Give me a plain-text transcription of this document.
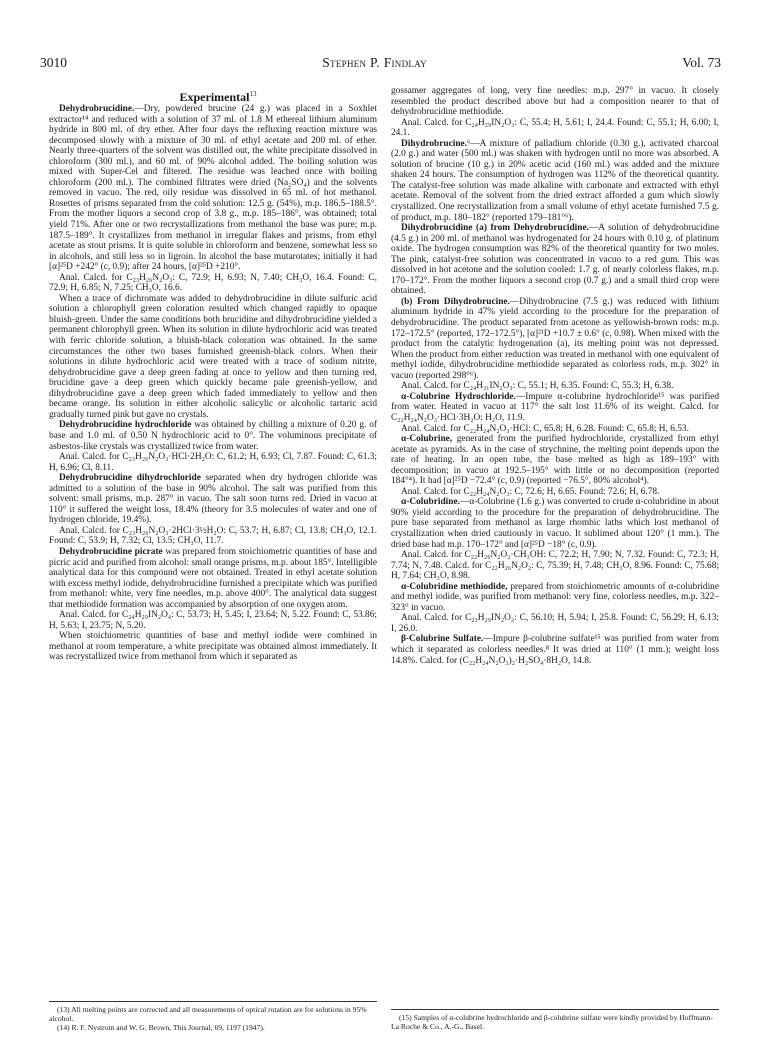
3010	Stephen P. Findlay	Vol. 73

Experimental$^{13}$

Dehydrobrucidine.—Dry, powdered brucine (24 g.) was placed in a Soxhlet extractor¹⁴ and reduced with a solution of 37 ml. of 1.8 M ethereal lithium aluminum hydride in 800 ml. of dry ether. After four days the refluxing reaction mixture was decomposed slowly with a mixture of 30 ml. of ethyl acetate and 200 ml. of ether. Nearly three-quarters of the solvent was distilled out, the white precipitate dissolved in chloroform (300 ml.), and 60 ml. of 90% alcohol added. The boiling solution was mixed with Super-Cel and filtered. The residue was leached once with boiling chloroform (200 ml.). The combined filtrates were dried (Na₂SO₄) and the solvents removed in vacuo. The red, oily residue was dissolved in 65 ml. of hot methanol. Rosettes of prisms separated from the cold solution: 12.5 g. (54%), m.p. 186.5–188.5°. From the mother liquors a second crop of 3.8 g., m.p. 185–186°, was obtained; total yield 71%. After one or two recrystallizations from methanol the base was pure; m.p. 187.5–189°. It crystallizes from methanol in irregular flakes and prisms, from ethyl acetate as stout prisms. It is quite soluble in chloroform and benzene, somewhat less so in alcohols, and still less so in ligroin. In alcohol the base mutarotates; initially it had [α]²⁵D +242° (c, 0.9); after 24 hours, [α]²⁵D +210°.

Anal. Calcd. for C₂₃H₂₆N₂O₃: C, 72.9; H, 6.93; N, 7.40; CH₃O, 16.4. Found: C, 72.9; H, 6.85; N, 7.25; CH₃O, 16.6.

When a trace of dichromate was added to dehydrobrucidine in dilute sulfuric acid solution a chlorophyll green coloration resulted which changed rapidly to opaque bluish-green. Under the same conditions both brucidine and dihydrobrucidine yielded a permanent chlorophyll green. When its solution in dilute hydrochloric acid was treated with ferric chloride solution, a bluish-black coloration was obtained. In the same circumstances the other two bases furnished greenish-black colors. When their solutions in dilute hydrochloric acid were treated with a trace of sodium nitrite, dehydrobrucidine gave a deep green fading at once to yellow and then turning red, brucidine gave a deep green which quickly became pale greenish-yellow, and dihydrobrucidine gave a deep green which faded immediately to yellow and then became orange. Its solution in either alcoholic salicylic or alcoholic tartaric acid gradually turned pink but gave no crystals.

Dehydrobrucidine hydrochloride was obtained by chilling a mixture of 0.20 g. of base and 1.0 ml. of 0.50 N hydrochloric acid to 0°. The voluminous precipitate of asbestos-like crystals was crystallized twice from water.

Anal. Calcd. for C₂₃H₂₆N₂O₃·HCl·2H₂O: C, 61.2; H, 6.93; Cl, 7.87. Found: C, 61.3; H, 6.96; Cl, 8.11.

Dehydrobrucidine dihydrochloride separated when dry hydrogen chloride was admitted to a solution of the base in 90% alcohol. The salt was purified from this solvent: small prisms, m.p. 287° in vacuo. The salt soon turns red. Dried in vacuo at 110° it suffered the weight loss, 18.4% (theory for 3.5 molecules of water and one of hydrogen chloride, 19.4%).

Anal. Calcd. for C₂₃H₂₆N₂O₃·2HCl·3½H₂O: C, 53.7; H, 6.87; Cl, 13.8; CH₃O, 12.1. Found: C, 53.9; H, 7.32; Cl, 13.5; CH₃O, 11.7.

Dehydrobrucidine picrate was prepared from stoichiometric quantities of base and picric acid and purified from alcohol: small orange prisms, m.p. about 185°. Intelligible analytical data for this compound were not obtained. Treated in ethyl acetate solution with excess methyl iodide, dehydrobrucidine furnished a precipitate which was purified from methanol: white, very fine needles, m.p. above 400°. The analytical data suggest that methiodide formation was accompanied by absorption of one oxygen atom.

Anal. Calcd. for C₂₄H₂₉IN₂O₄: C, 53.73; H, 5.45; I, 23.64; N, 5.22. Found: C, 53.86; H, 5.63; I, 23.75; N, 5.20.

When stoichiometric quantities of base and methyl iodide were combined in methanol at room temperature, a white precipitate was obtained almost immediately. It was recrystallized twice from methanol from which it separated as

gossamer aggregates of long, very fine needles: m.p. 297° in vacuo. It closely resembled the product described above but had a composition nearer to that of dehydrobrucidine methiodide.

Anal. Calcd. for C₂₄H₂₉IN₂O₃: C, 55.4; H, 5.61; I, 24.4. Found: C, 55.1; H, 6.00; I, 24.1.

Dihydrobrucine.⁶—A mixture of palladium chloride (0.30 g.), activated charcoal (2.0 g.) and water (500 ml.) was shaken with hydrogen until no more was absorbed. A solution of brucine (10 g.) in 20% acetic acid (160 ml.) was added and the mixture shaken 24 hours. The consumption of hydrogen was 112% of the theoretical quantity. The catalyst-free solution was made alkaline with carbonate and extracted with ethyl acetate. Removal of the solvent from the dried extract afforded a gum which slowly crystallized. One recrystallization from a small volume of ethyl acetate furnished 7.5 g. of product, m.p. 180–182° (reported 179–181°⁶).

Dihydrobrucidine (a) from Dehydrobrucidine.—A solution of dehydrobrucidine (4.5 g.) in 200 ml. of methanol was hydrogenated for 24 hours with 0.10 g. of platinum oxide. The hydrogen consumption was 82% of the theoretical quantity for two moles. The pink, catalyst-free solution was concentrated in vacuo to a red gum. This was dissolved in hot acetone and the solution cooled: 1.7 g. of nearly colorless flakes, m.p. 170–172°. From the mother liquors a second crop (0.7 g.) and a small third crop were obtained.

(b) From Dihydrobrucine.—Dihydrobrucine (7.5 g.) was reduced with lithium aluminum hydride in 47% yield according to the procedure for the preparation of dehydrobrucidine. The product separated from acetone as yellowish-brown rods: m.p. 172–172.5° (reported, 172–172.5°), [α]²¹D +10.7 ± 0.6° (c, 0.98). When mixed with the product from the catalytic hydrogenation (a), its melting point was not depressed. When the product from either reduction was treated in methanol with one equivalent of methyl iodide, dihydrobrucidine methiodide separated as colorless rods, m.p. 302° in vacuo (reported 298°⁶).

Anal. Calcd. for C₂₄H₃₁IN₂O₃: C, 55.1; H, 6.35. Found: C, 55.3; H, 6.38.

α-Colubrine Hydrochloride.—Impure α-colubrine hydrochloride¹⁵ was purified from water. Heated in vacuo at 117° the salt lost 11.6% of its weight. Calcd. for C₂₂H₂₄N₂O₃·HCl·3H₂O: H₂O, 11.9.

Anal. Calcd. for C₂₂H₂₄N₂O₃·HCl: C, 65.8; H, 6.28. Found: C, 65.8; H, 6.53.

α-Colubrine, generated from the purified hydrochloride, crystallized from ethyl acetate as pyramids. As in the case of strychnine, the melting point depends upon the rate of heating. In an open tube, the base melted as high as 189–193° with decomposition; in vacuo at 192.5–195° with little or no decomposition (reported 184°⁴). It had [α]²⁵D −72.4° (c, 0.9) (reported −76.5°, 80% alcohol⁴).

Anal. Calcd. for C₂₂H₂₄N₂O₃: C, 72.6; H, 6.65. Found: 72.6; H, 6.78.

α-Colubridine.—α-Colubrine (1.6 g.) was converted to crude α-colubridine in about 90% yield according to the procedure for the preparation of dehydrobrucidine. The pure base separated from methanol as large rhombic laths which lost methanol of crystallization when dried cautiously in vacuo. It sublimed about 120° (1 mm.). The dried base had m.p. 170–172° and [α]²⁵D −18° (c, 0.9).

Anal. Calcd. for C₂₂H₂₆N₂O₂·CH₃OH: C, 72.2; H, 7.90; N, 7.32. Found: C, 72.3; H, 7.74; N, 7.48. Calcd. for C₂₂H₂₆N₂O₂: C, 75.39; H, 7.48; CH₃O, 8.96. Found: C, 75.68; H, 7.64; CH₃O, 8.98.

α-Colubridine methiodide, prepared from stoichiometric amounts of α-colubridine and methyl iodide, was purified from methanol: very fine, colorless needles, m.p. 322–323° in vacuo.

Anal. Calcd. for C₂₃H₂₉IN₂O₂: C, 56.10; H, 5.94; I, 25.8. Found: C, 56.29; H, 6.13; I, 26.0.

β-Colubrine Sulfate.—Impure β-colubrine sulfate¹⁵ was purified from water from which it separated as colorless needles.⁸ It was dried at 110° (1 mm.); weight loss 14.8%. Calcd. for (C₂₂H₂₄N₂O₃)₂·H₂SO₄·8H₂O, 14.8.

(13) All melting points are corrected and all measurements of optical rotation are for solutions in 95% alcohol.

(14) R. F. Nystrom and W. G. Brown, This Journal, 69, 1197 (1947).

(15) Samples of α-colubrine hydrochloride and β-colubrine sulfate were kindly provided by Hoffmann-La Roche & Co., A.-G., Basel.
